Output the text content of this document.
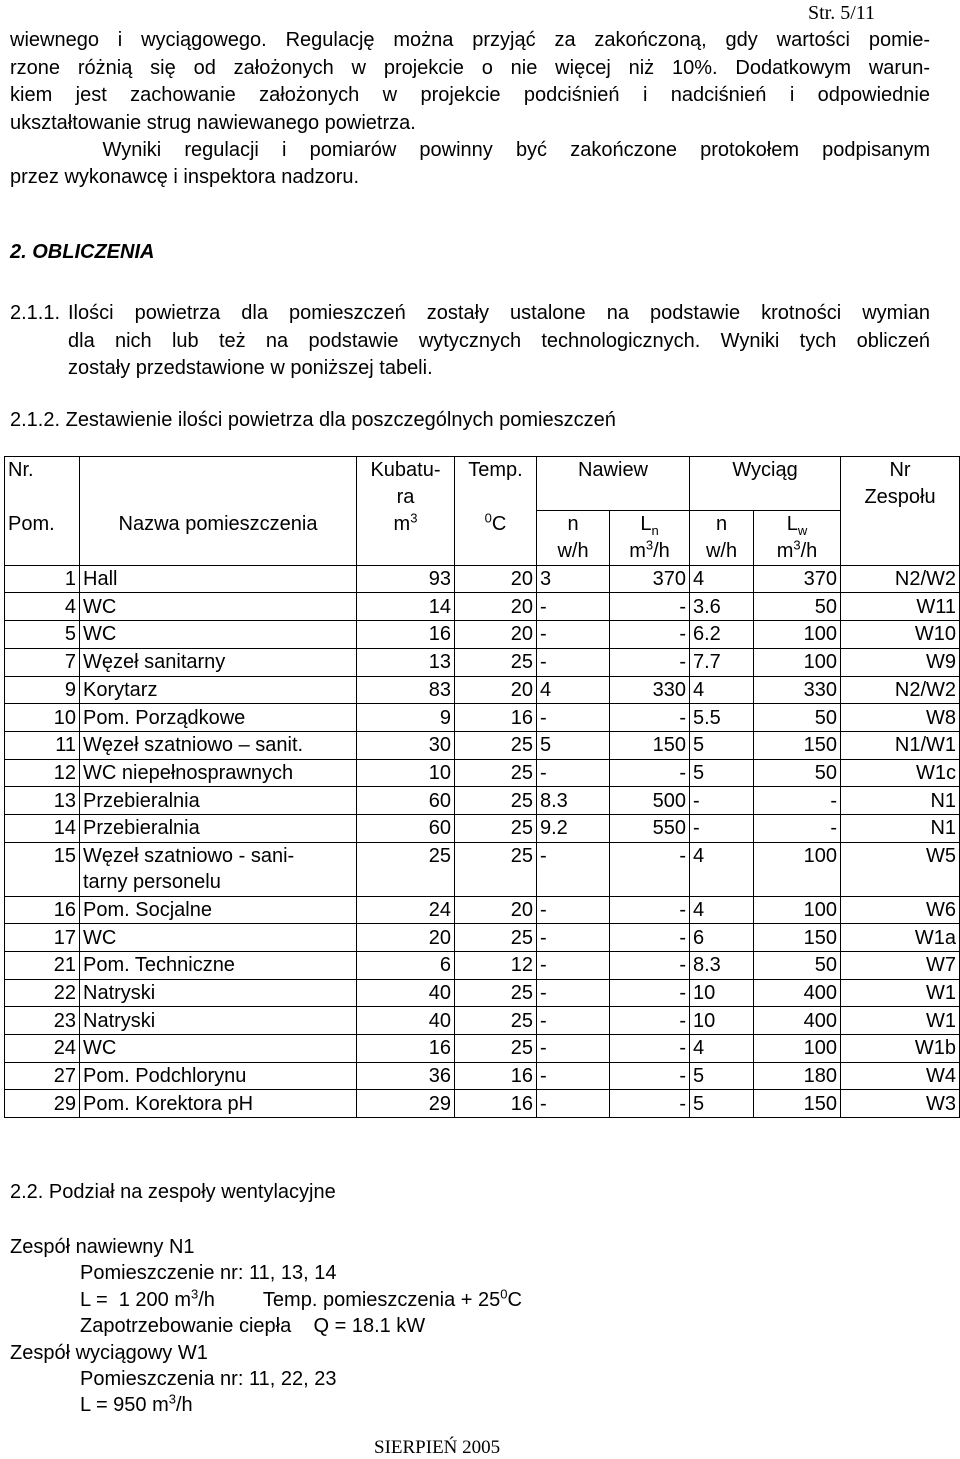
Str. 5/11
wiewnego i wyciągowego. Regulację można przyjąć za zakończoną, gdy wartości pomie-
rzone różnią się od założonych w projekcie o nie więcej niż 10%. Dodatkowym warun-
kiem jest zachowanie założonych w projekcie podciśnień i nadciśnień i odpowiednie
ukształtowanie strug nawiewanego powietrza.
Wyniki regulacji i pomiarów powinny być zakończone protokołem podpisanym
przez wykonawcę i inspektora nadzoru.
2. OBLICZENIA
2.1.1. Ilości powietrza dla pomieszczeń zostały ustalone na podstawie krotności wymian
dla nich lub też na podstawie wytycznych technologicznych. Wyniki tych obliczeń
zostały przedstawione w poniższej tabeli.
2.1.2. Zestawienie ilości powietrza dla poszczególnych pomieszczeń
Nr.		Kubatu-	Temp.	Nawiew		Wyciąg		Nr
		ra						Zespołu
Pom.	Nazwa pomieszczenia	$m^3$	$^0$C	n	$L_n$	n	$L_w$	
				w/h	$m^3/h$	w/h	$m^3/h$	
1	Hall	93	20	3	370	4	370	N2/W2
4	WC	14	20	-	-	3.6	50	W11
5	WC	16	20	-	-	6.2	100	W10
7	Węzeł sanitarny	13	25	-	-	7.7	100	W9
9	Korytarz	83	20	4	330	4	330	N2/W2
10	Pom. Porządkowe	9	16	-	-	5.5	50	W8
11	Węzeł szatniowo – sanit.	30	25	5	150	5	150	N1/W1
12	WC niepełnosprawnych	10	25	-	-	5	50	W1c
13	Przebieralnia	60	25	8.3	500	-	-	N1
14	Przebieralnia	60	25	9.2	550	-	-	N1
15	Węzeł szatniowo - sani-
tarny personelu	25	25	-	-	4	100	W5
16	Pom. Socjalne	24	20	-	-	4	100	W6
17	WC	20	25	-	-	6	150	W1a
21	Pom. Techniczne	6	12	-	-	8.3	50	W7
22	Natryski	40	25	-	-	10	400	W1
23	Natryski	40	25	-	-	10	400	W1
24	WC	16	25	-	-	4	100	W1b
27	Pom. Podchlorynu	36	16	-	-	5	180	W4
29	Pom. Korektora pH	29	16	-	-	5	150	W3
2.2. Podział na zespoły wentylacyjne
Zespół nawiewny N1
Pomieszczenie nr: 11, 13, 14
L =  1 200 $m^3/h$ Temp. pomieszczenia + $25^0C$
Zapotrzebowanie ciepła    Q = 18.1 kW
Zespół wyciągowy W1
Pomieszczenia nr: 11, 22, 23
L = 950 $m^3/h$
SIERPIEŃ 2005
